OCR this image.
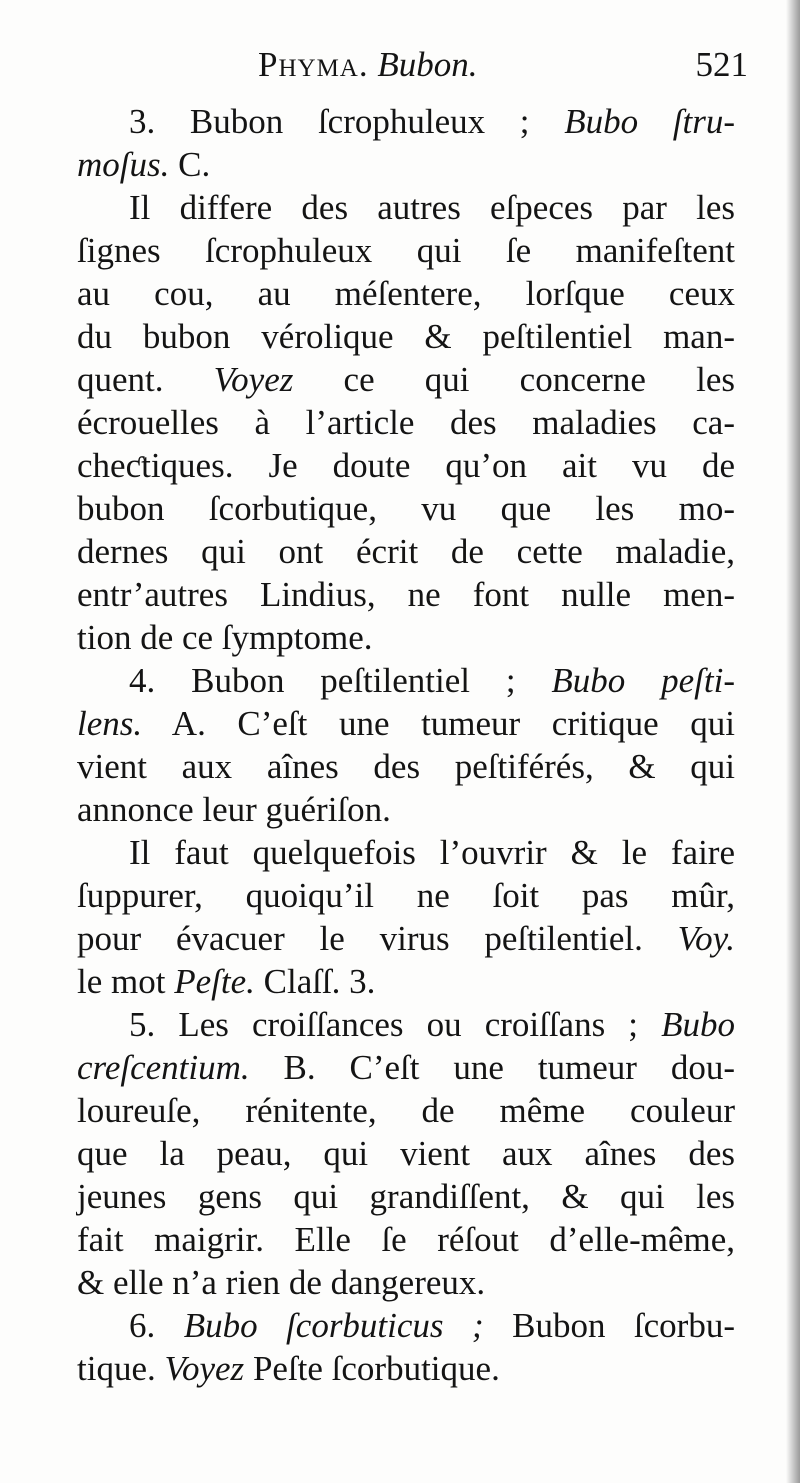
Phyma. Bubon.	521
3. Bubon ſcrophuleux ; Bubo ſtru-
moſus. C.
Il differe des autres eſpeces par les
ſignes ſcrophuleux qui ſe manifeſtent
au cou, au méſentere, lorſque ceux
du bubon vérolique & peſtilentiel man-
quent. Voyez ce qui concerne les
écrouelles à l’article des maladies ca-
cheƈtiques. Je doute qu’on ait vu de
bubon ſcorbutique, vu que les mo-
dernes qui ont écrit de cette maladie,
entr’autres Lindius, ne font nulle men-
tion de ce ſymptome.
4. Bubon peſtilentiel ; Bubo peſti-
lens. A. C’eſt une tumeur critique qui
vient aux aînes des peſtiférés, & qui
annonce leur guériſon.
Il faut quelquefois l’ouvrir & le faire
ſuppurer, quoiqu’il ne ſoit pas mûr,
pour évacuer le virus peſtilentiel. Voy.
le mot Peſte. Claſſ. 3.
5. Les croiſſances ou croiſſans ; Bubo
creſcentium. B. C’eſt une tumeur dou-
loureuſe, rénitente, de même couleur
que la peau, qui vient aux aînes des
jeunes gens qui grandiſſent, & qui les
fait maigrir. Elle ſe réſout d’elle-même,
& elle n’a rien de dangereux.
6. Bubo ſcorbuticus ; Bubon ſcorbu-
tique. Voyez Peſte ſcorbutique.
